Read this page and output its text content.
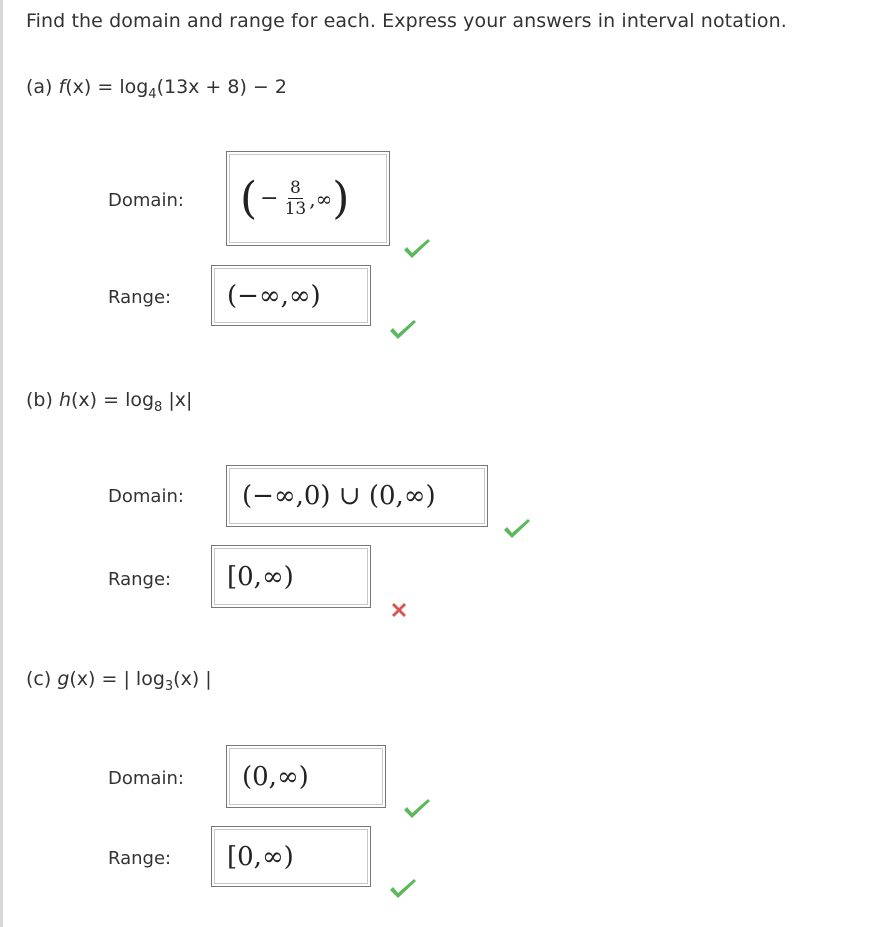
Find the domain and range for each. Express your answers in interval notation.
(a) $f(x) = \log_4(13x + 8) - 2$
Domain: ( − $\frac{8}{13}$ ,∞ )
Range: (−∞,∞)
(b) $h(x) = \log_8 |x|$
Domain: (−∞,0) ∪ (0,∞)
Range: [0,∞)
(c) g(x) = | $\log_3(x)$ |
Domain: (0,∞)
Range: [0,∞)
